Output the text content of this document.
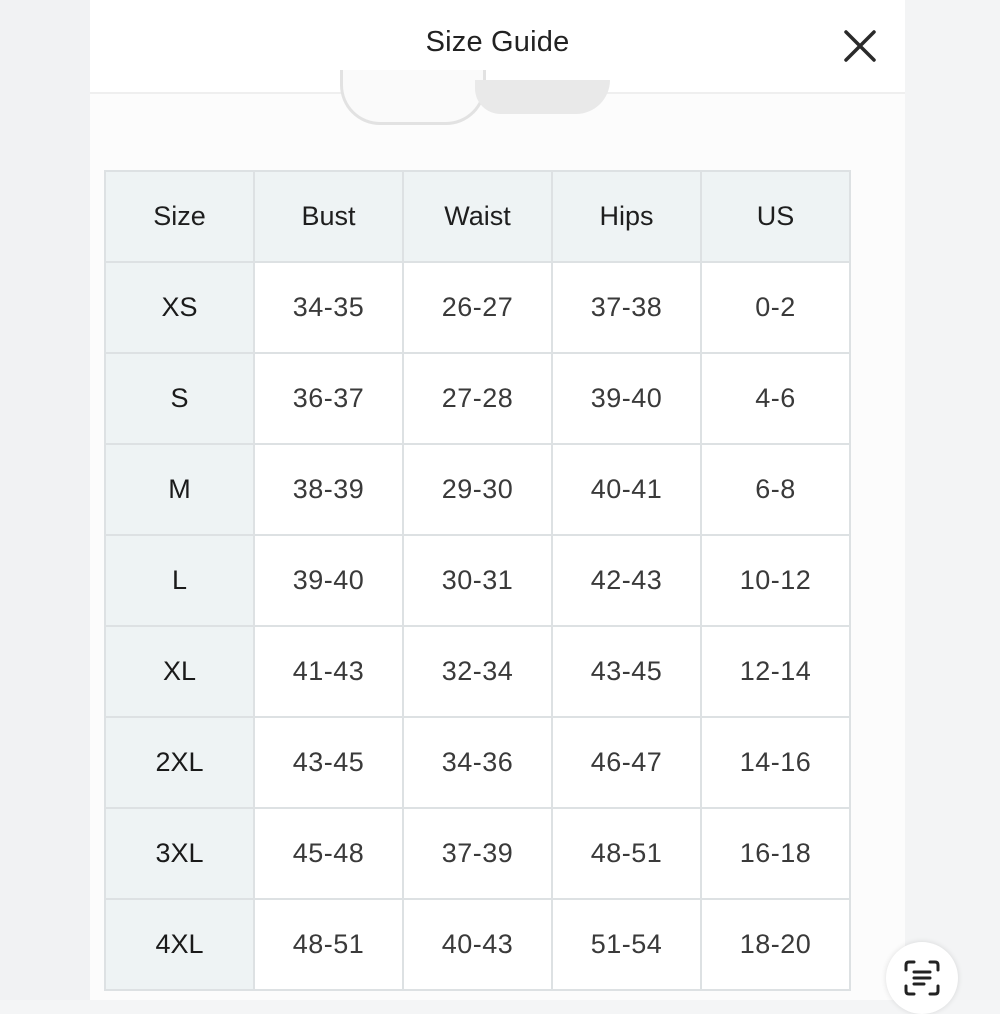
Size Guide
Size	Bust	Waist	Hips	US
XS	34-35	26-27	37-38	0-2
S	36-37	27-28	39-40	4-6
M	38-39	29-30	40-41	6-8
L	39-40	30-31	42-43	10-12
XL	41-43	32-34	43-45	12-14
2XL	43-45	34-36	46-47	14-16
3XL	45-48	37-39	48-51	16-18
4XL	48-51	40-43	51-54	18-20
